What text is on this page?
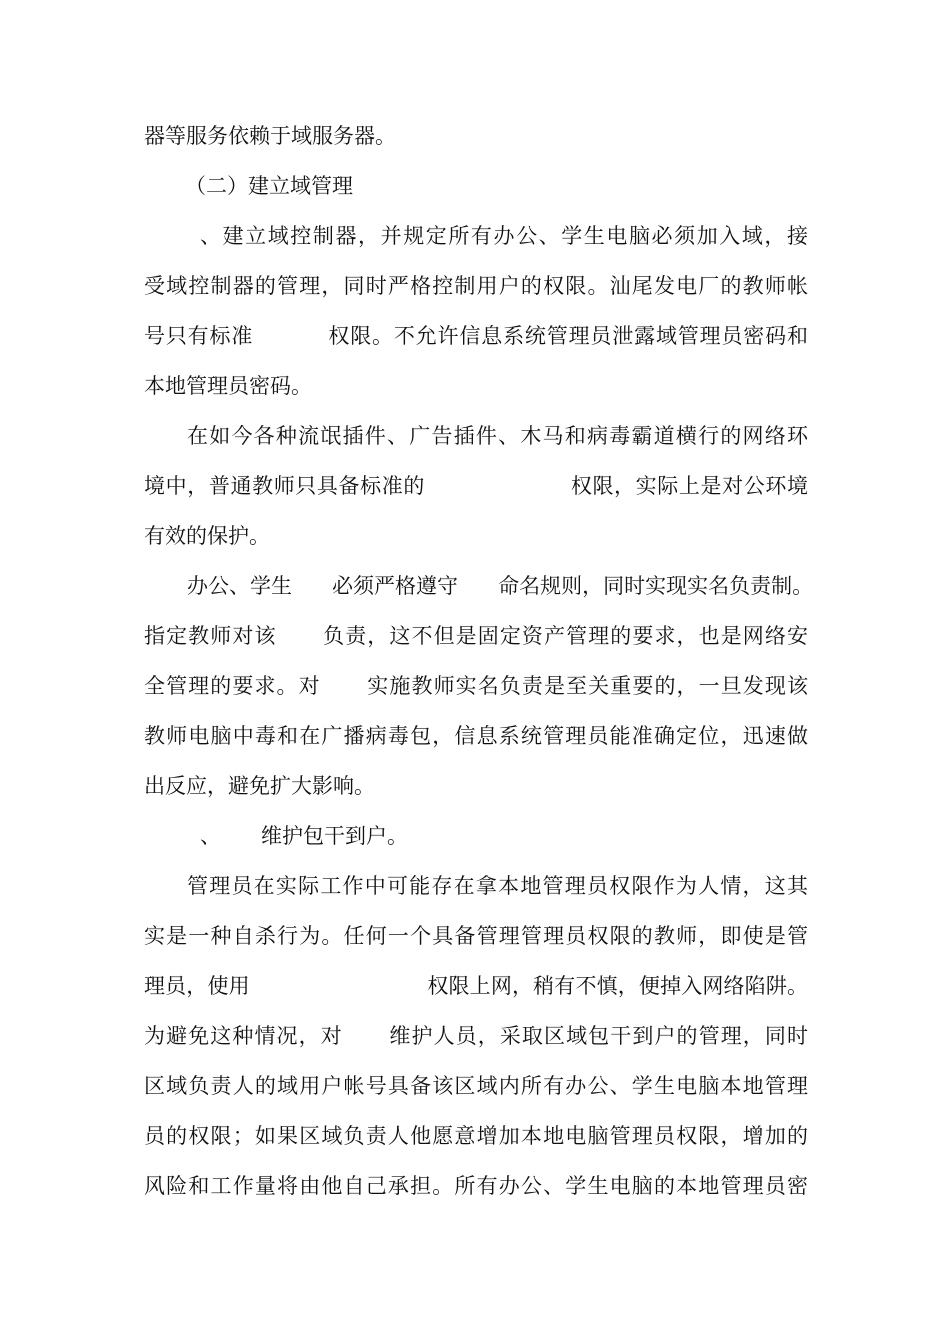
器等服务依赖于域服务器。

（二）建立域管理

、建立域控制器，并规定所有办公、学生电脑必须加入域，接

受域控制器的管理，同时严格控制用户的权限。汕尾发电厂的教师帐

号只有标准          权限。不允许信息系统管理员泄露域管理员密码和

本地管理员密码。

在如今各种流氓插件、广告插件、木马和病毒霸道横行的网络环

境中，普通教师只具备标准的                    权限，实际上是对公环境

有效的保护。

办公、学生      必须严格遵守      命名规则，同时实现实名负责制。

指定教师对该      负责，这不但是固定资产管理的要求，也是网络安

全管理的要求。对      实施教师实名负责是至关重要的，一旦发现该

教师电脑中毒和在广播病毒包，信息系统管理员能准确定位，迅速做

出反应，避免扩大影响。

、      维护包干到户。

管理员在实际工作中可能存在拿本地管理员权限作为人情，这其

实是一种自杀行为。任何一个具备管理管理员权限的教师，即使是管

理员，使用                          权限上网，稍有不慎，便掉入网络陷阱。

为避免这种情况，对      维护人员，采取区域包干到户的管理，同时

区域负责人的域用户帐号具备该区域内所有办公、学生电脑本地管理

员的权限；如果区域负责人他愿意增加本地电脑管理员权限，增加的

风险和工作量将由他自己承担。所有办公、学生电脑的本地管理员密
